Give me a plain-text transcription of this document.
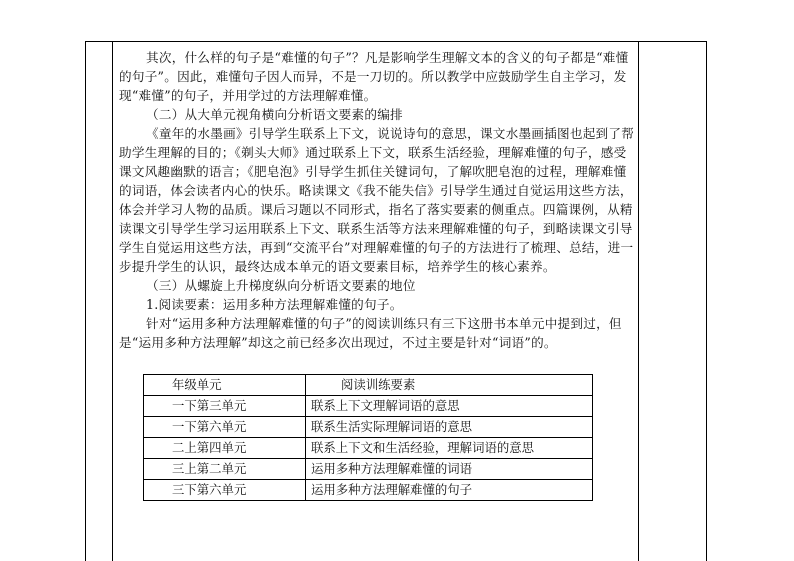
其次，什么样的句子是“难懂的句子”？凡是影响学生理解文本的含义的句子都是“难懂的句子”。因此，难懂句子因人而异，不是一刀切的。所以教学中应鼓励学生自主学习，发现“难懂”的句子，并用学过的方法理解难懂。

（二）从大单元视角横向分析语文要素的编排

《童年的水墨画》引导学生联系上下文，说说诗句的意思，课文水墨画插图也起到了帮助学生理解的目的；《剃头大师》通过联系上下文，联系生活经验，理解难懂的句子，感受课文风趣幽默的语言；《肥皂泡》引导学生抓住关键词句，了解吹肥皂泡的过程，理解难懂的词语，体会读者内心的快乐。略读课文《我不能失信》引导学生通过自觉运用这些方法，体会并学习人物的品质。课后习题以不同形式，指名了落实要素的侧重点。四篇课例，从精读课文引导学生学习运用联系上下文、联系生活等方法来理解难懂的句子，到略读课文引导学生自觉运用这些方法，再到“交流平台”对理解难懂的句子的方法进行了梳理、总结，进一步提升学生的认识，最终达成本单元的语文要素目标，培养学生的核心素养。

（三）从螺旋上升梯度纵向分析语文要素的地位

1.阅读要素：运用多种方法理解难懂的句子。

针对“运用多种方法理解难懂的句子”的阅读训练只有三下这册书本单元中提到过，但是“运用多种方法理解”却这之前已经多次出现过，不过主要是针对“词语”的。

年级单元	阅读训练要素
一下第三单元	联系上下文理解词语的意思
一下第六单元	联系生活实际理解词语的意思
二上第四单元	联系上下文和生活经验，理解词语的意思
三上第二单元	运用多种方法理解难懂的词语
三下第六单元	运用多种方法理解难懂的句子
